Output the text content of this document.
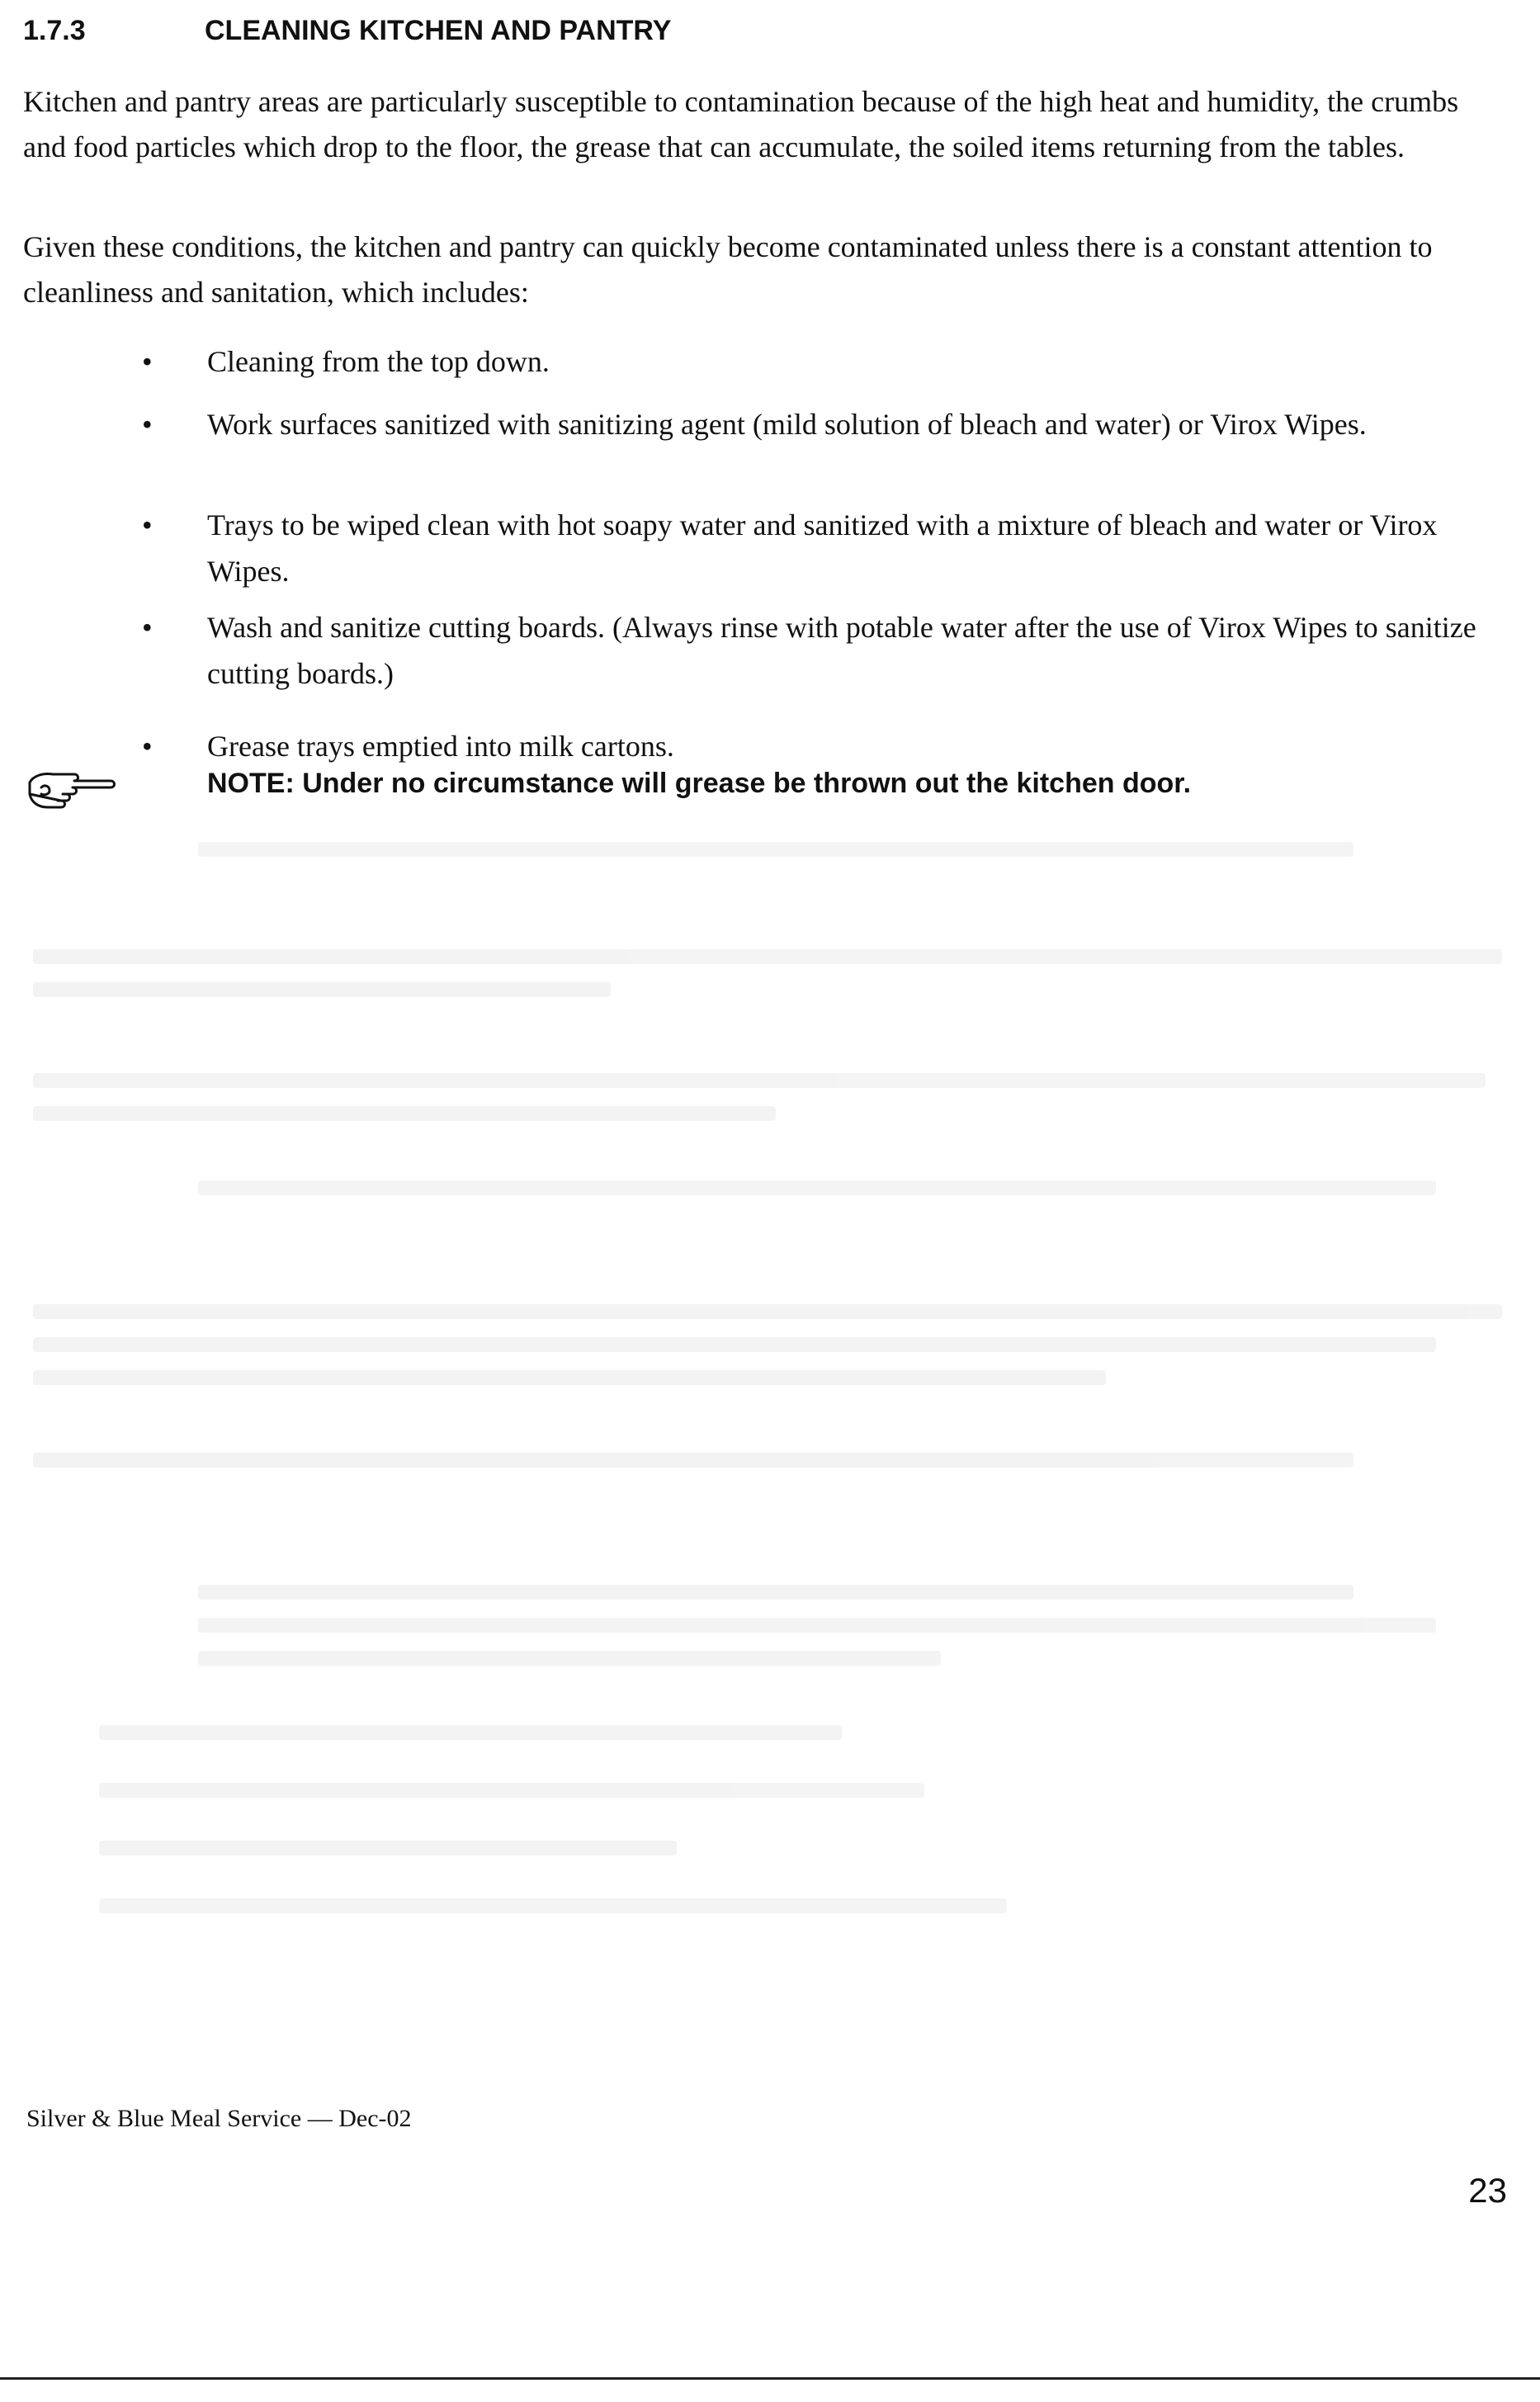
1.7.3	CLEANING KITCHEN AND PANTRY

Kitchen and pantry areas are particularly susceptible to contamination because of the high heat and humidity, the crumbs and food particles which drop to the floor, the grease that can accumulate, the soiled items returning from the tables.

Given these conditions, the kitchen and pantry can quickly become contaminated unless there is a constant attention to cleanliness and sanitation, which includes:

• Cleaning from the top down.
• Work surfaces sanitized with sanitizing agent (mild solution of bleach and water) or Virox Wipes.
• Trays to be wiped clean with hot soapy water and sanitized with a mixture of bleach and water or Virox Wipes.
• Wash and sanitize cutting boards. (Always rinse with potable water after the use of Virox Wipes to sanitize cutting boards.)
• Grease trays emptied into milk cartons.
NOTE: Under no circumstance will grease be thrown out the kitchen door.
Silver & Blue Meal Service — Dec-02
23
